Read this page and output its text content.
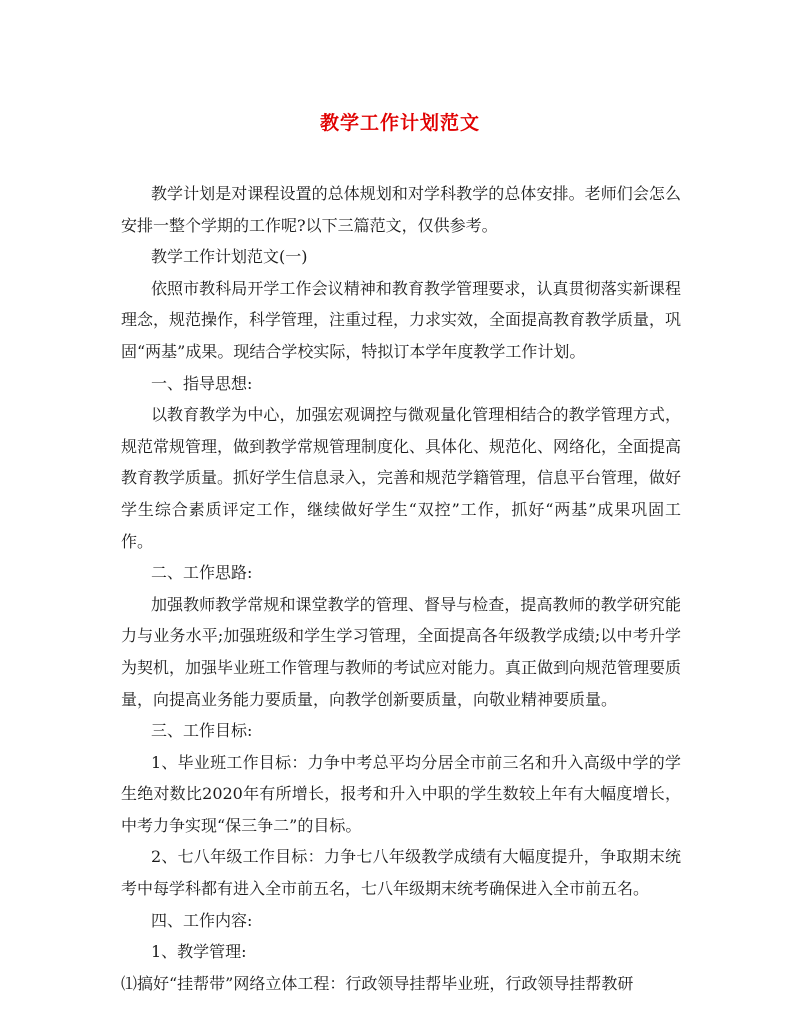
教学工作计划范文

教学计划是对课程设置的总体规划和对学科教学的总体安排。老师们会怎么安排一整个学期的工作呢?以下三篇范文，仅供参考。

教学工作计划范文(一)

依照市教科局开学工作会议精神和教育教学管理要求，认真贯彻落实新课程理念，规范操作，科学管理，注重过程，力求实效，全面提高教育教学质量，巩固“两基”成果。现结合学校实际，特拟订本学年度教学工作计划。

一、指导思想:

以教育教学为中心，加强宏观调控与微观量化管理相结合的教学管理方式，规范常规管理，做到教学常规管理制度化、具体化、规范化、网络化，全面提高教育教学质量。抓好学生信息录入，完善和规范学籍管理，信息平台管理，做好学生综合素质评定工作，继续做好学生“双控”工作，抓好“两基”成果巩固工作。

二、工作思路:

加强教师教学常规和课堂教学的管理、督导与检查，提高教师的教学研究能力与业务水平;加强班级和学生学习管理，全面提高各年级教学成绩;以中考升学为契机，加强毕业班工作管理与教师的考试应对能力。真正做到向规范管理要质量，向提高业务能力要质量，向教学创新要质量，向敬业精神要质量。

三、工作目标:

1、毕业班工作目标：力争中考总平均分居全市前三名和升入高级中学的学生绝对数比2020年有所增长，报考和升入中职的学生数较上年有大幅度增长，中考力争实现“保三争二”的目标。

2、七八年级工作目标：力争七八年级教学成绩有大幅度提升，争取期末统考中每学科都有进入全市前五名，七八年级期末统考确保进入全市前五名。

四、工作内容:

1、教学管理:

⑴搞好“挂帮带”网络立体工程：行政领导挂帮毕业班，行政领导挂帮教研
